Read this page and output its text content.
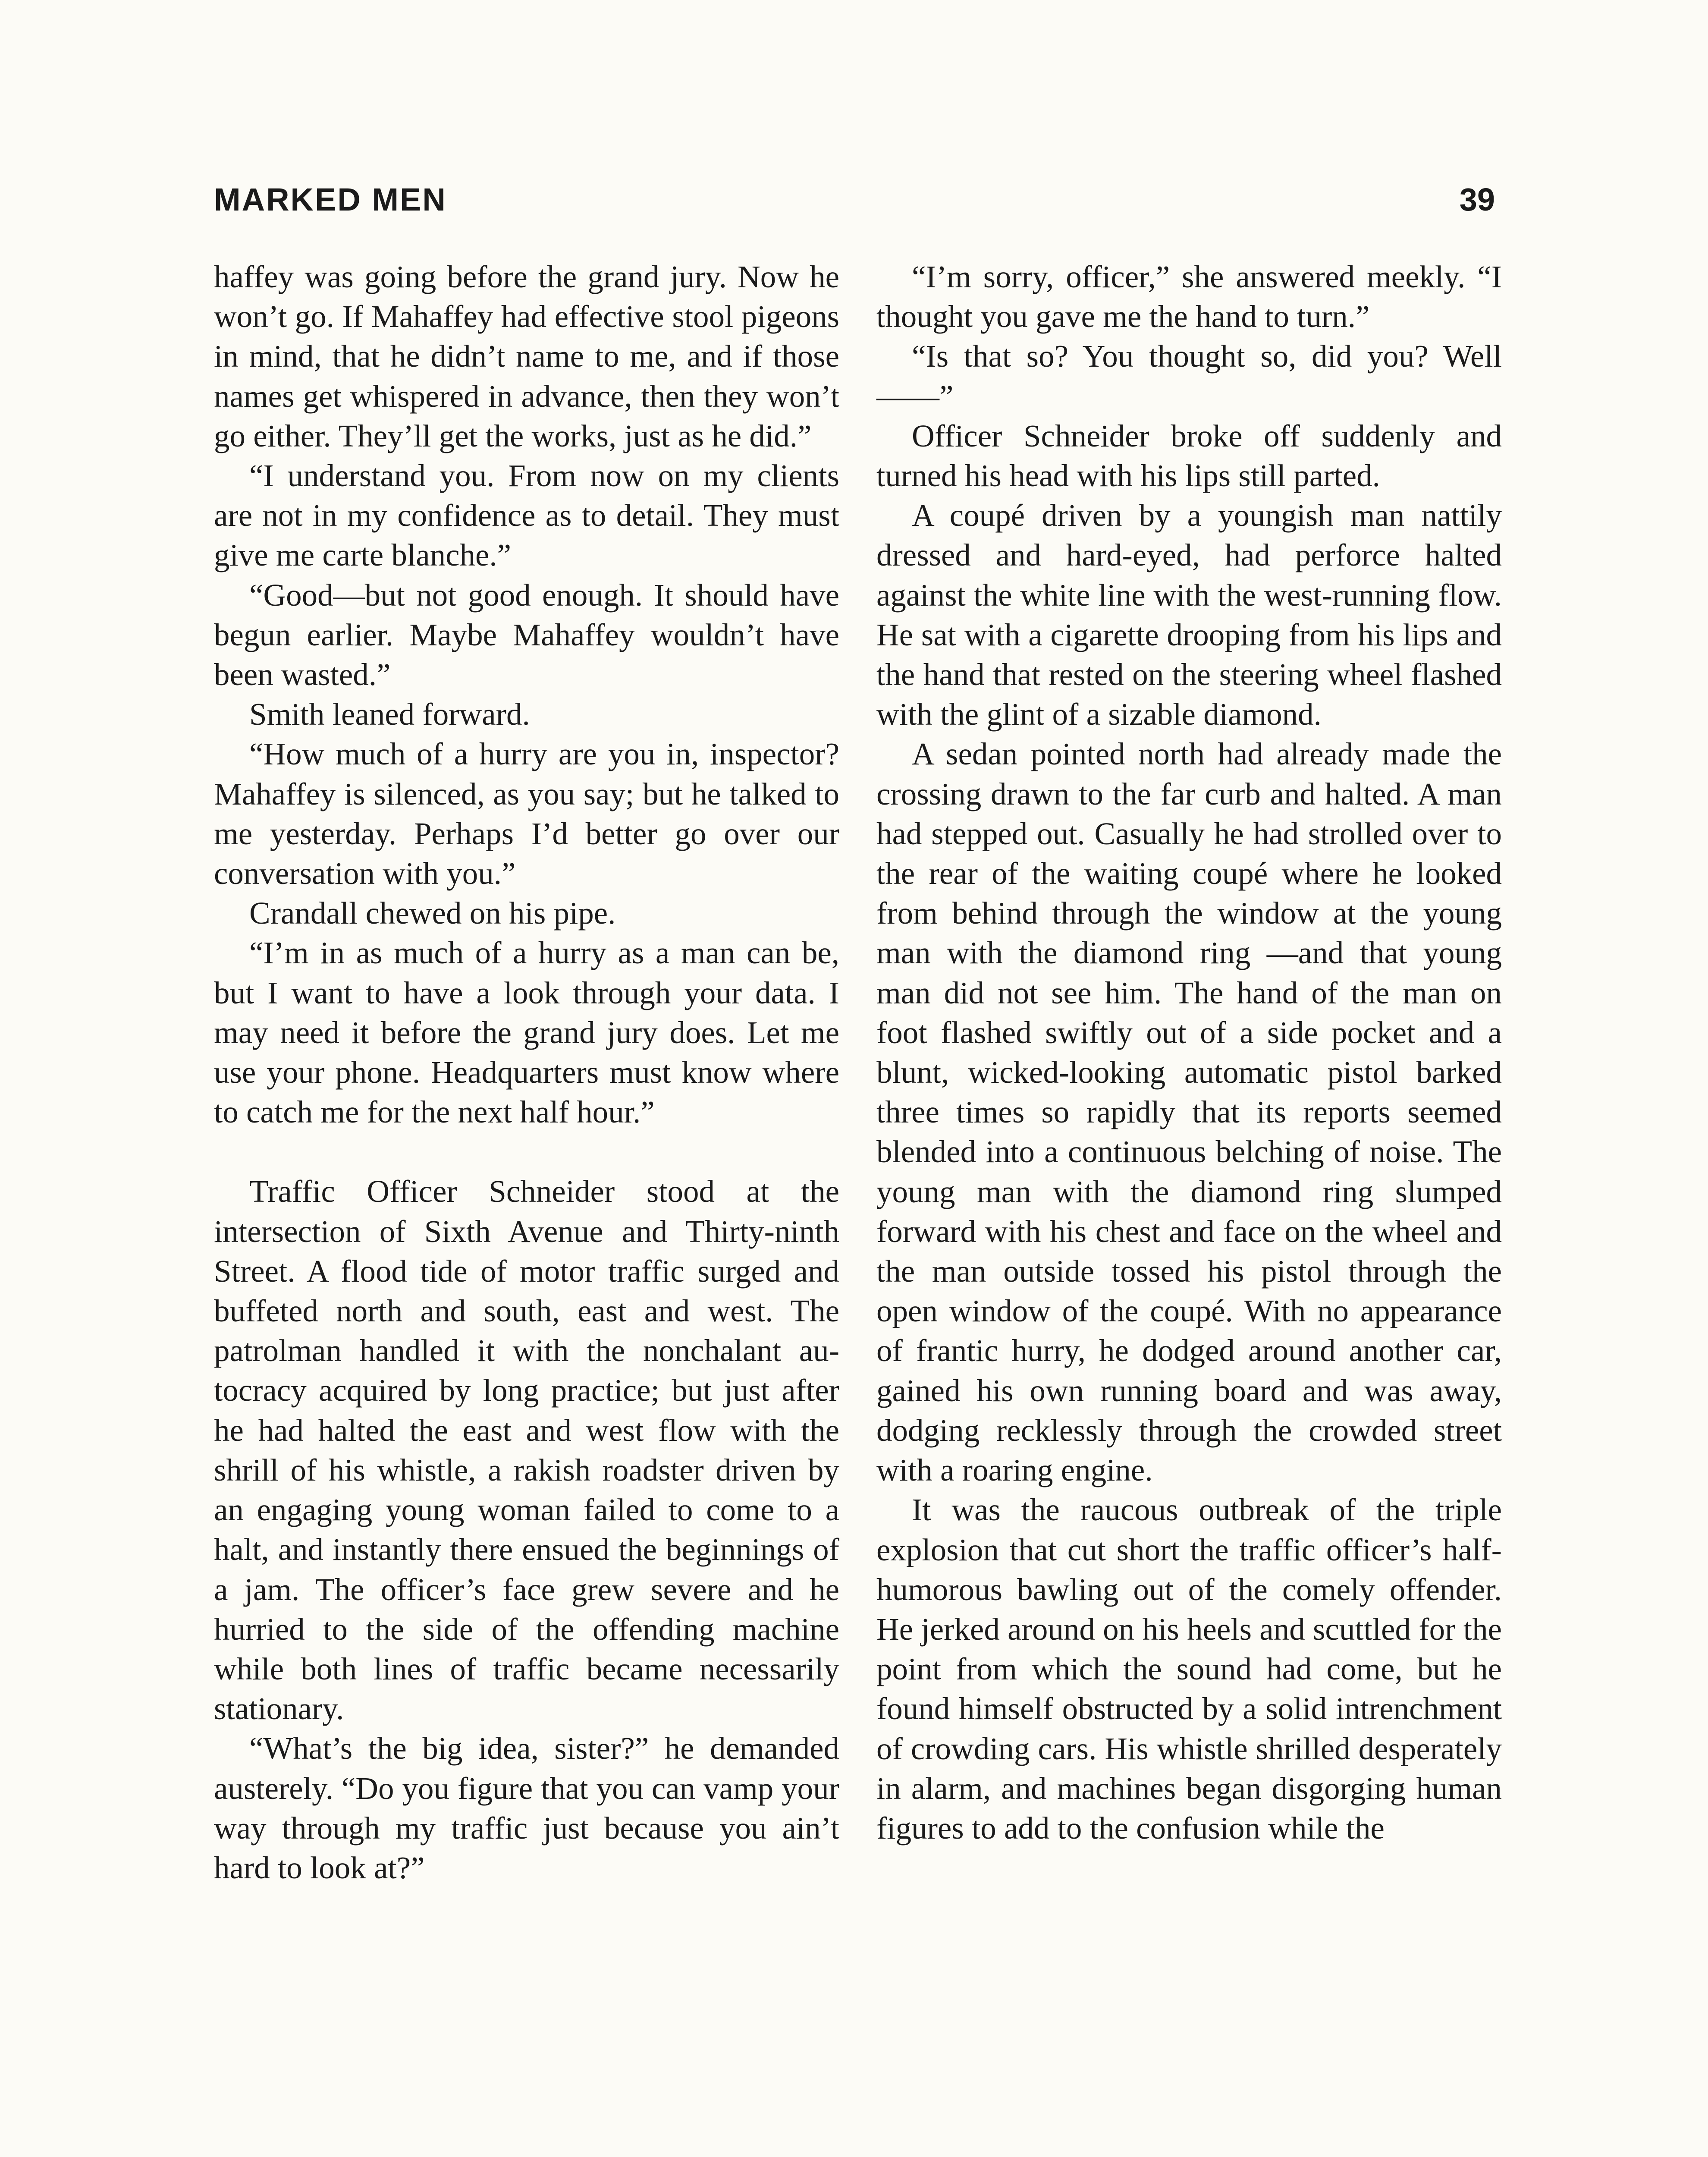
MARKED MEN	39

haffey was going before the grand jury. Now he won’t go. If Mahaffey had effective stool pigeons in mind, that he didn’t name to me, and if those names get whispered in advance, then they won’t go either. They’ll get the works, just as he did.”

“I understand you. From now on my clients are not in my confidence as to detail. They must give me carte blanche.”

“Good—but not good enough. It should have begun earlier. Maybe Mahaffey wouldn’t have been wasted.”

Smith leaned forward.

“How much of a hurry are you in, inspector? Mahaffey is silenced, as you say; but he talked to me yesterday. Perhaps I’d better go over our conversation with you.”

Crandall chewed on his pipe.

“I’m in as much of a hurry as a man can be, but I want to have a look through your data. I may need it before the grand jury does. Let me use your phone. Headquarters must know where to catch me for the next half hour.”

Traffic Officer Schneider stood at the intersection of Sixth Avenue and Thirty-ninth Street. A flood tide of motor traffic surged and buffeted north and south, east and west. The patrolman handled it with the nonchalant autocracy acquired by long practice; but just after he had halted the east and west flow with the shrill of his whistle, a rakish roadster driven by an engaging young woman failed to come to a halt, and instantly there ensued the beginnings of a jam. The officer’s face grew severe and he hurried to the side of the offending machine while both lines of traffic became necessarily stationary.

“What’s the big idea, sister?” he demanded austerely. “Do you figure that you can vamp your way through my traffic just because you ain’t hard to look at?”

“I’m sorry, officer,” she answered meekly. “I thought you gave me the hand to turn.”

“Is that so? You thought so, did you? Well——”

Officer Schneider broke off suddenly and turned his head with his lips still parted.

A coupé driven by a youngish man nattily dressed and hard-eyed, had perforce halted against the white line with the west-running flow. He sat with a cigarette drooping from his lips and the hand that rested on the steering wheel flashed with the glint of a sizable diamond.

A sedan pointed north had already made the crossing drawn to the far curb and halted. A man had stepped out. Casually he had strolled over to the rear of the waiting coupé where he looked from behind through the window at the young man with the diamond ring —and that young man did not see him. The hand of the man on foot flashed swiftly out of a side pocket and a blunt, wicked-looking automatic pistol barked three times so rapidly that its reports seemed blended into a continuous belching of noise. The young man with the diamond ring slumped forward with his chest and face on the wheel and the man outside tossed his pistol through the open window of the coupé. With no appearance of frantic hurry, he dodged around another car, gained his own running board and was away, dodging recklessly through the crowded street with a roaring engine.

It was the raucous outbreak of the triple explosion that cut short the traffic officer’s half-humorous bawling out of the comely offender. He jerked around on his heels and scuttled for the point from which the sound had come, but he found himself obstructed by a solid intrenchment of crowding cars. His whistle shrilled desperately in alarm, and machines began disgorging human figures to add to the confusion while the
